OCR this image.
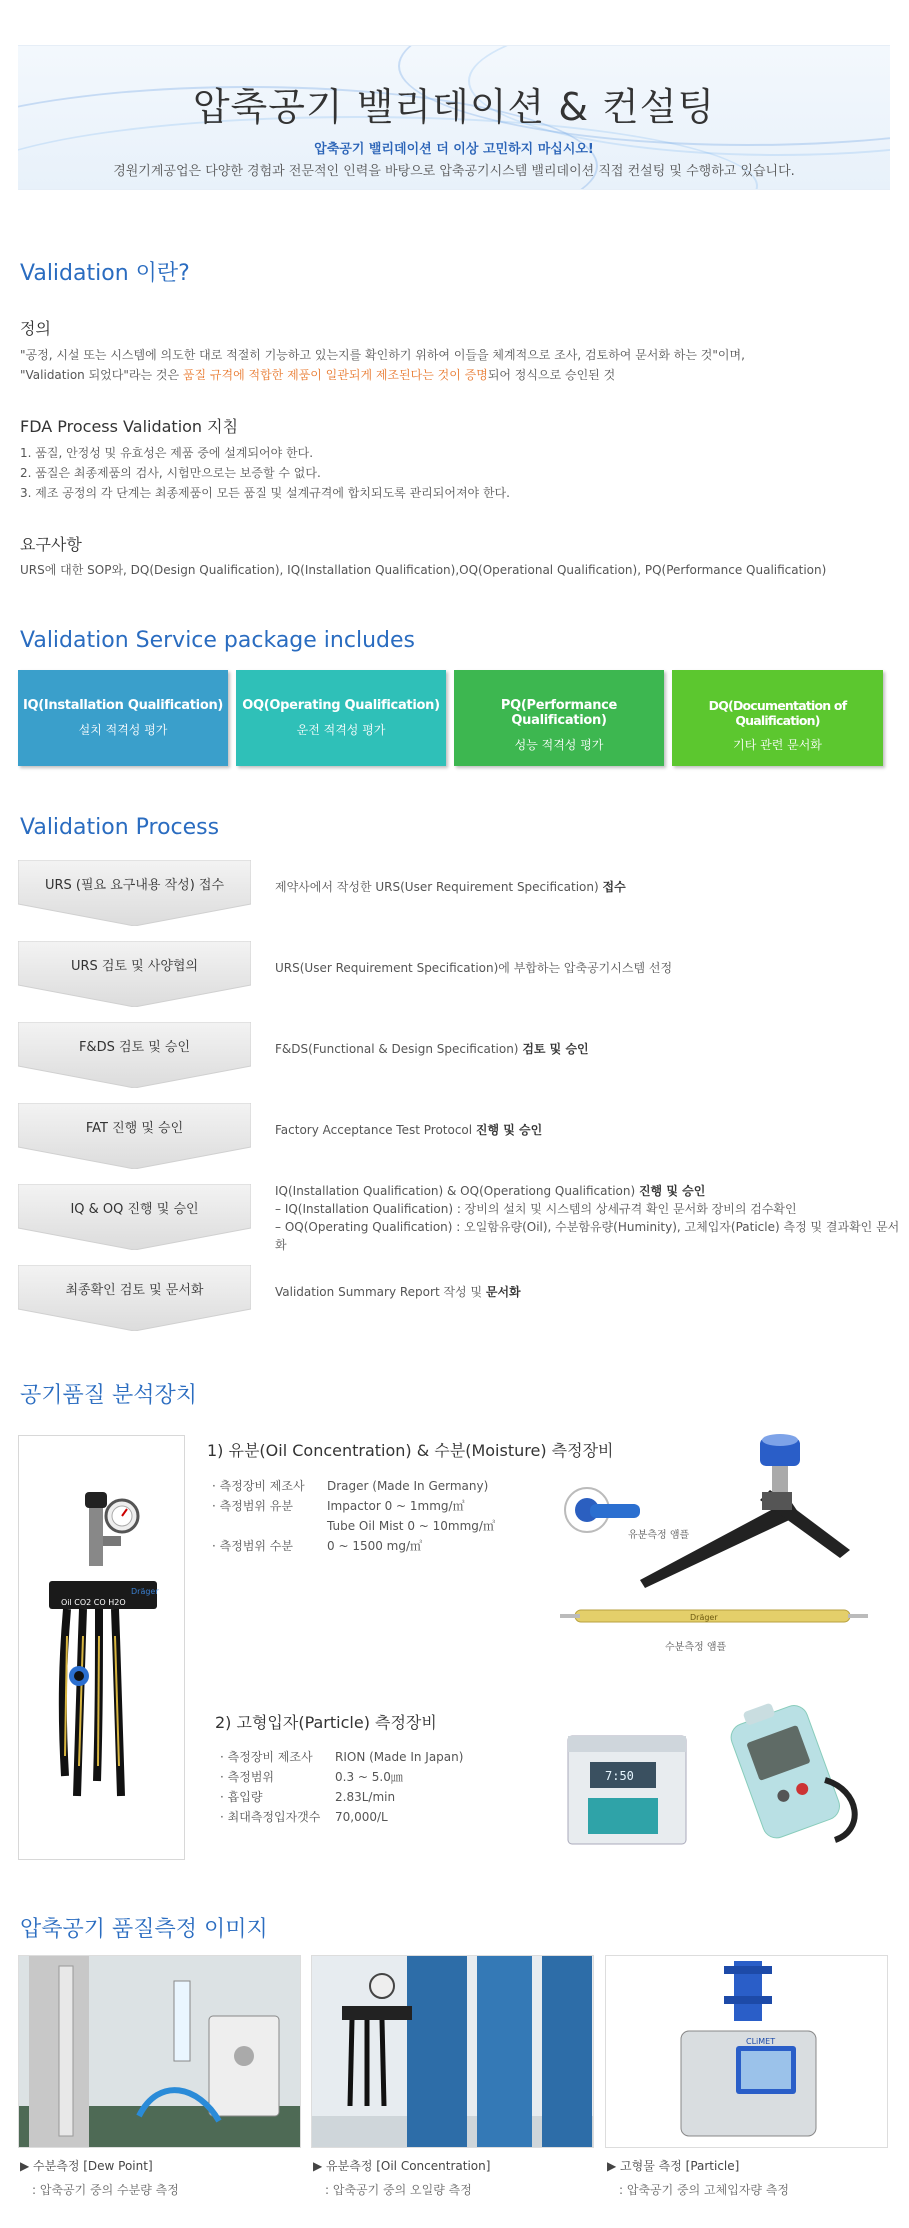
압축공기 밸리데이션 & 컨설팅
압축공기 밸리데이션 더 이상 고민하지 마십시오!
경원기계공업은 다양한 경험과 전문적인 인력을 바탕으로 압축공기시스템 밸리데이션 직접 컨설팅 및 수행하고 있습니다.
Validation 이란?
정의
"공정, 시설 또는 시스템에 의도한 대로 적절히 기능하고 있는지를 확인하기 위하여 이들을 체계적으로 조사, 검토하여 문서화 하는 것"이며,
"Validation 되었다"라는 것은 품질 규격에 적합한 제품이 일관되게 제조된다는 것이 증명되어 정식으로 승인된 것
FDA Process Validation 지침
1. 품질, 안정성 및 유효성은 제품 중에 설계되어야 한다.
2. 품질은 최종제품의 검사, 시험만으로는 보증할 수 없다.
3. 제조 공정의 각 단계는 최종제품이 모든 품질 및 설계규격에 합치되도록 관리되어져야 한다.
요구사항
URS에 대한 SOP와, DQ(Design Qualification), IQ(Installation Qualification),OQ(Operational Qualification), PQ(Performance Qualification)
Validation Service package includes
IQ(Installation Qualification)
설치 적격성 평가
OQ(Operating Qualification)
운전 적격성 평가
PQ(Performance Qualification)
성능 적격성 평가
DQ(Documentation of Qualification)
기타 관련 문서화
Validation Process
URS (필요 요구내용 작성) 접수	제약사에서 작성한 URS(User Requirement Specification) 접수
URS 검토 및 사양협의	URS(User Requirement Specification)에 부합하는 압축공기시스템 선정
F&DS 검토 및 승인	F&DS(Functional & Design Specification) 검토 및 승인
FAT 진행 및 승인	Factory Acceptance Test Protocol 진행 및 승인
IQ & OQ 진행 및 승인
IQ(Installation Qualification) & OQ(Operationg Qualification) 진행 및 승인
– IQ(Installation Qualification) : 장비의 설치 및 시스템의 상세규격 확인 문서화 장비의 검수확인
– OQ(Operating Qualification) : 오일함유량(Oil), 수분함유량(Huminity), 고체입자(Paticle) 측정 및 결과확인 문서화
최종확인 검토 및 문서화	Validation Summary Report 작성 및 문서화
공기품질 분석장치
Dräger
Oil CO2 CO H2O
1) 유분(Oil Concentration) & 수분(Moisture) 측정장비
· 측정장비 제조사	Drager (Made In Germany)
· 측정범위 유분	Impactor 0 ~ 1mmg/㎥
Tube Oil Mist 0 ~ 10mmg/㎥
· 측정범위 수분	0 ~ 1500 mg/㎥
유분측정 앰플
Dräger
수분측정 앰플
2) 고형입자(Particle) 측정장비
· 측정장비 제조사	RION (Made In Japan)
· 측정범위	0.3 ~ 5.0㎛
· 흡입량	2.83L/min
· 최대측정입자갯수	70,000/L
7:50
압축공기 품질측정 이미지
CLiMET
▶ 수분측정 [Dew Point]
: 압축공기 중의 수분량 측정
▶ 유분측정 [Oil Concentration]
: 압축공기 중의 오일량 측정
▶ 고형물 측정 [Particle]
: 압축공기 중의 고체입자량 측정
